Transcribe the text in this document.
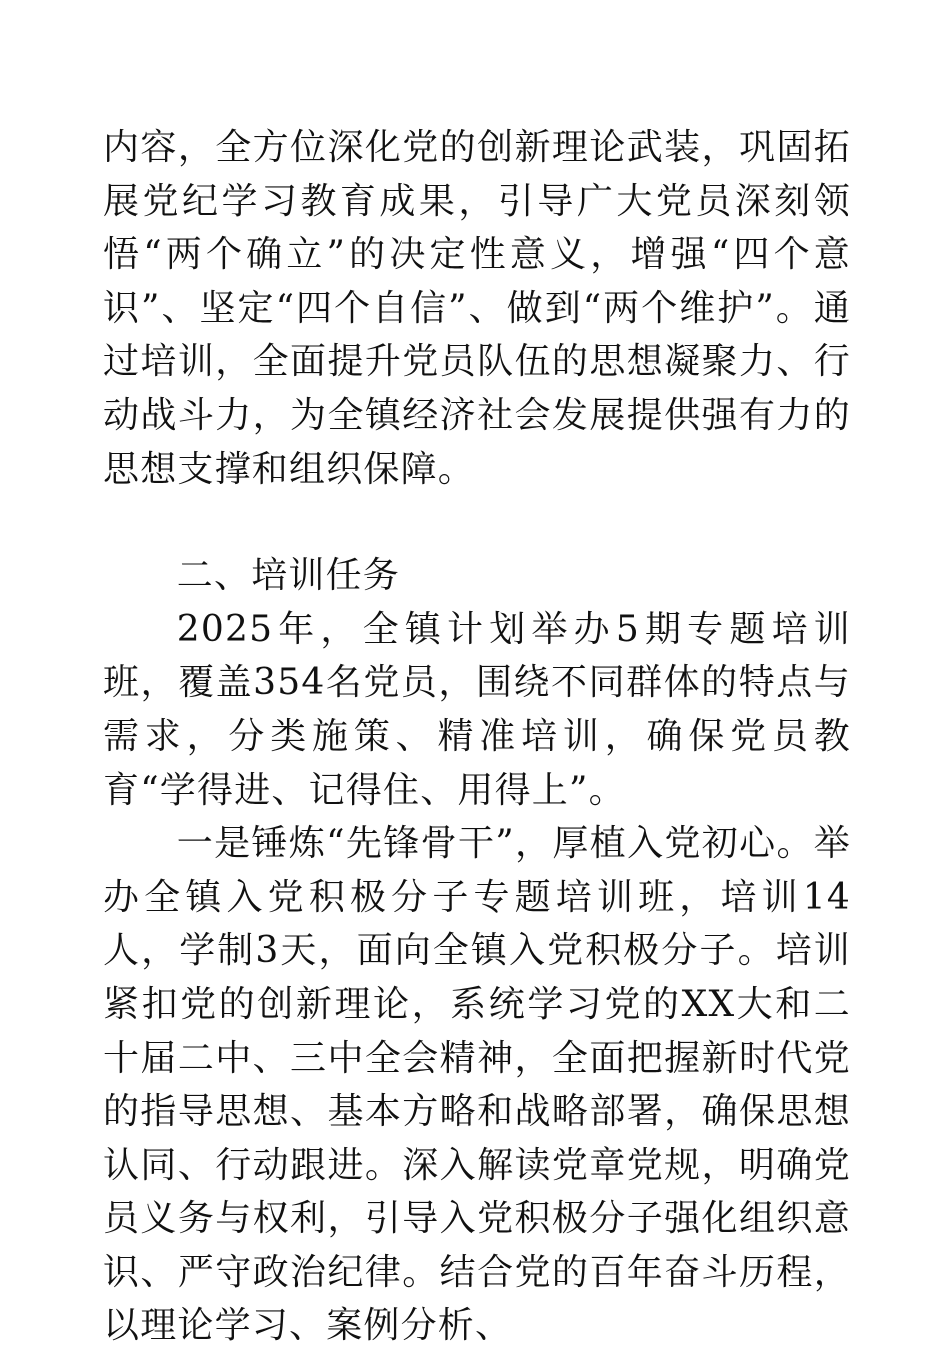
内容，全方位深化党的创新理论武装，巩固拓展党纪学习教育成果，引导广大党员深刻领悟“两个确立”的决定性意义，增强“四个意识”、坚定“四个自信”、做到“两个维护”。通过培训，全面提升党员队伍的思想凝聚力、行动战斗力，为全镇经济社会发展提供强有力的思想支撑和组织保障。

二、培训任务

2025年，全镇计划举办5期专题培训班，覆盖354名党员，围绕不同群体的特点与需求，分类施策、精准培训，确保党员教育“学得进、记得住、用得上”。

一是锤炼“先锋骨干”，厚植入党初心。举办全镇入党积极分子专题培训班，培训14人，学制3天，面向全镇入党积极分子。培训紧扣党的创新理论，系统学习党的XX大和二十届二中、三中全会精神，全面把握新时代党的指导思想、基本方略和战略部署，确保思想认同、行动跟进。深入解读党章党规，明确党员义务与权利，引导入党积极分子强化组织意识、严守政治纪律。结合党的百年奋斗历程，以理论学习、案例分析、
